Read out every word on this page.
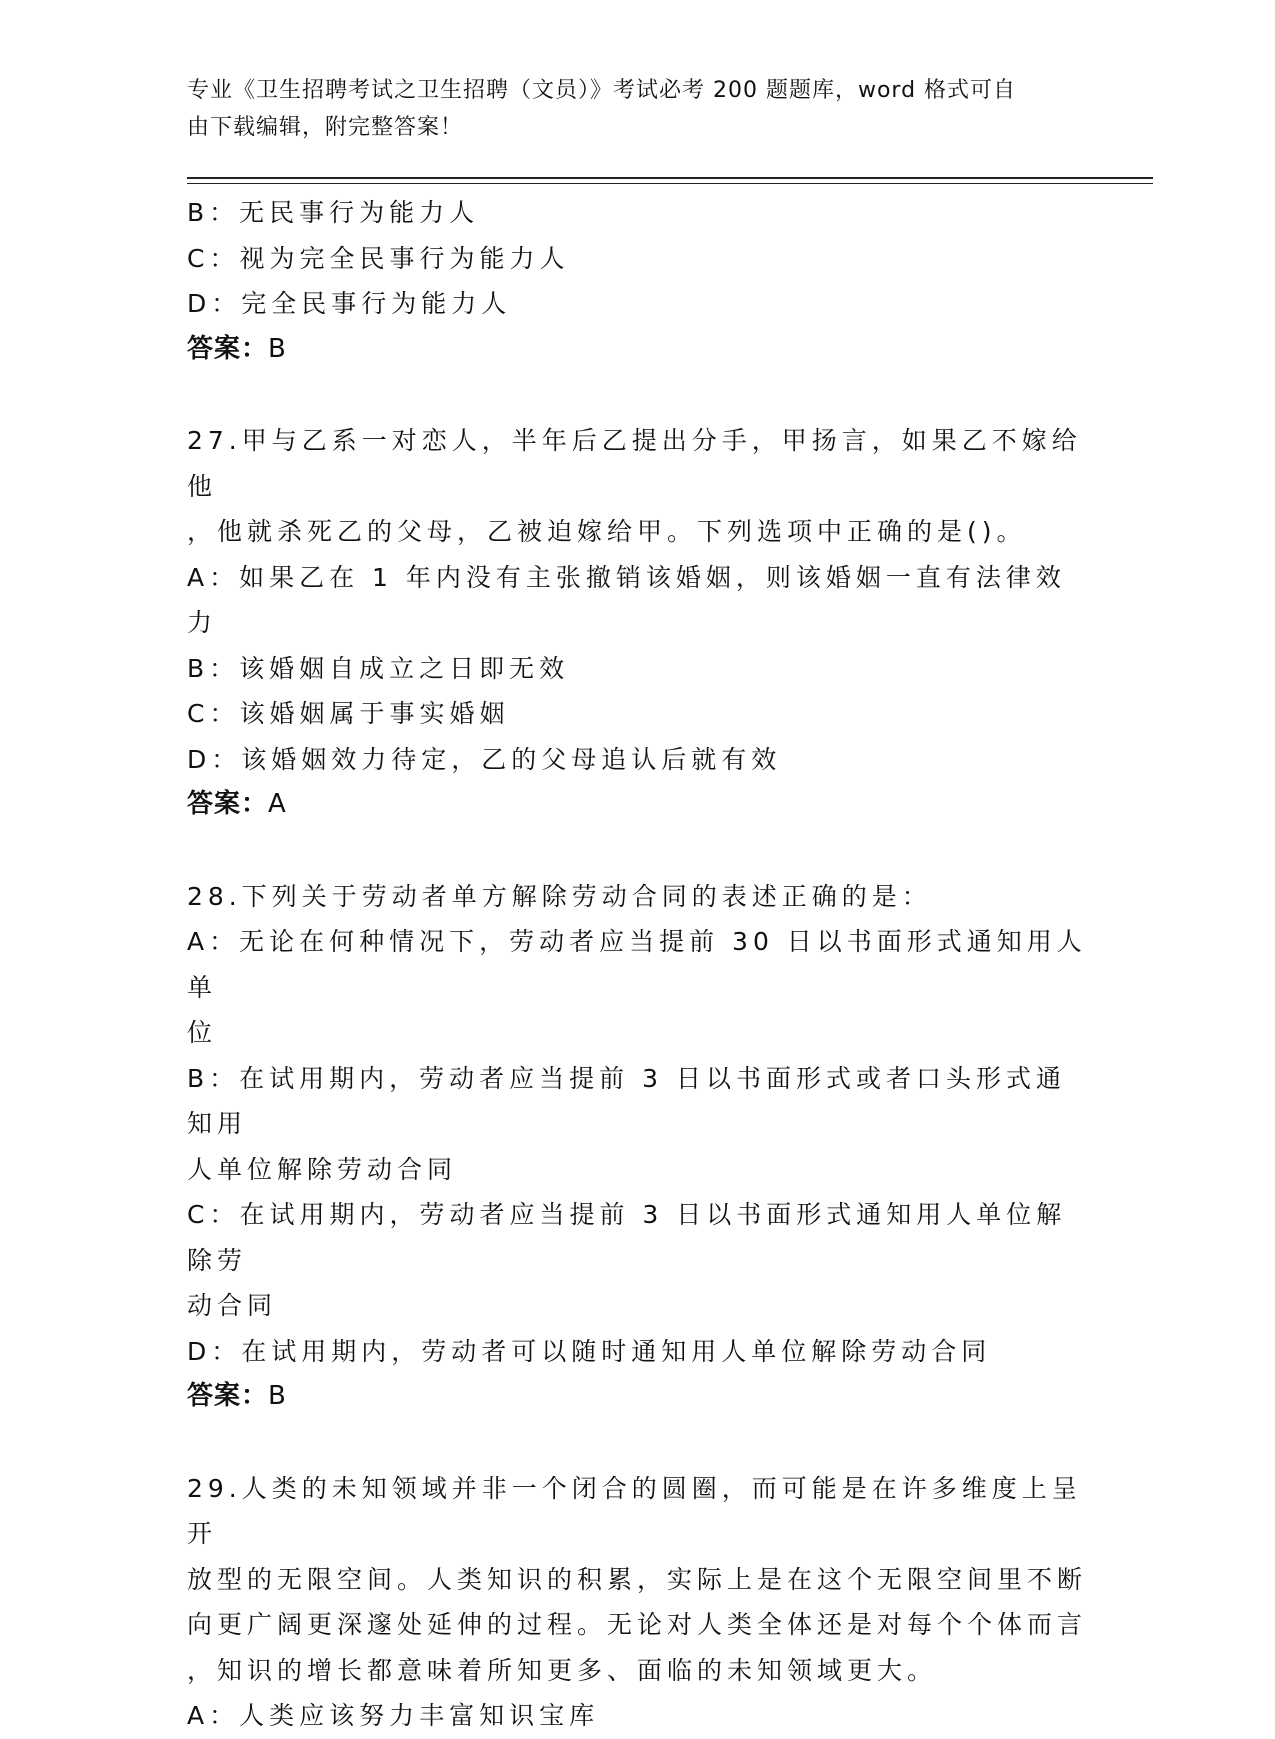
专业《卫生招聘考试之卫生招聘（文员）》考试必考 200 题题库，word 格式可自
由下载编辑，附完整答案！
B：无民事行为能力人
C：视为完全民事行为能力人
D：完全民事行为能力人
答案：B
27.甲与乙系一对恋人，半年后乙提出分手，甲扬言，如果乙不嫁给他
，他就杀死乙的父母，乙被迫嫁给甲。下列选项中正确的是()。
A：如果乙在 1 年内没有主张撤销该婚姻，则该婚姻一直有法律效力
B：该婚姻自成立之日即无效
C：该婚姻属于事实婚姻
D：该婚姻效力待定，乙的父母追认后就有效
答案：A
28.下列关于劳动者单方解除劳动合同的表述正确的是：
A：无论在何种情况下，劳动者应当提前 30 日以书面形式通知用人单
位
B：在试用期内，劳动者应当提前 3 日以书面形式或者口头形式通知用
人单位解除劳动合同
C：在试用期内，劳动者应当提前 3 日以书面形式通知用人单位解除劳
动合同
D：在试用期内，劳动者可以随时通知用人单位解除劳动合同
答案：B
29.人类的未知领域并非一个闭合的圆圈，而可能是在许多维度上呈开
放型的无限空间。人类知识的积累，实际上是在这个无限空间里不断
向更广阔更深邃处延伸的过程。无论对人类全体还是对每个个体而言
，知识的增长都意味着所知更多、面临的未知领域更大。
A：人类应该努力丰富知识宝库
